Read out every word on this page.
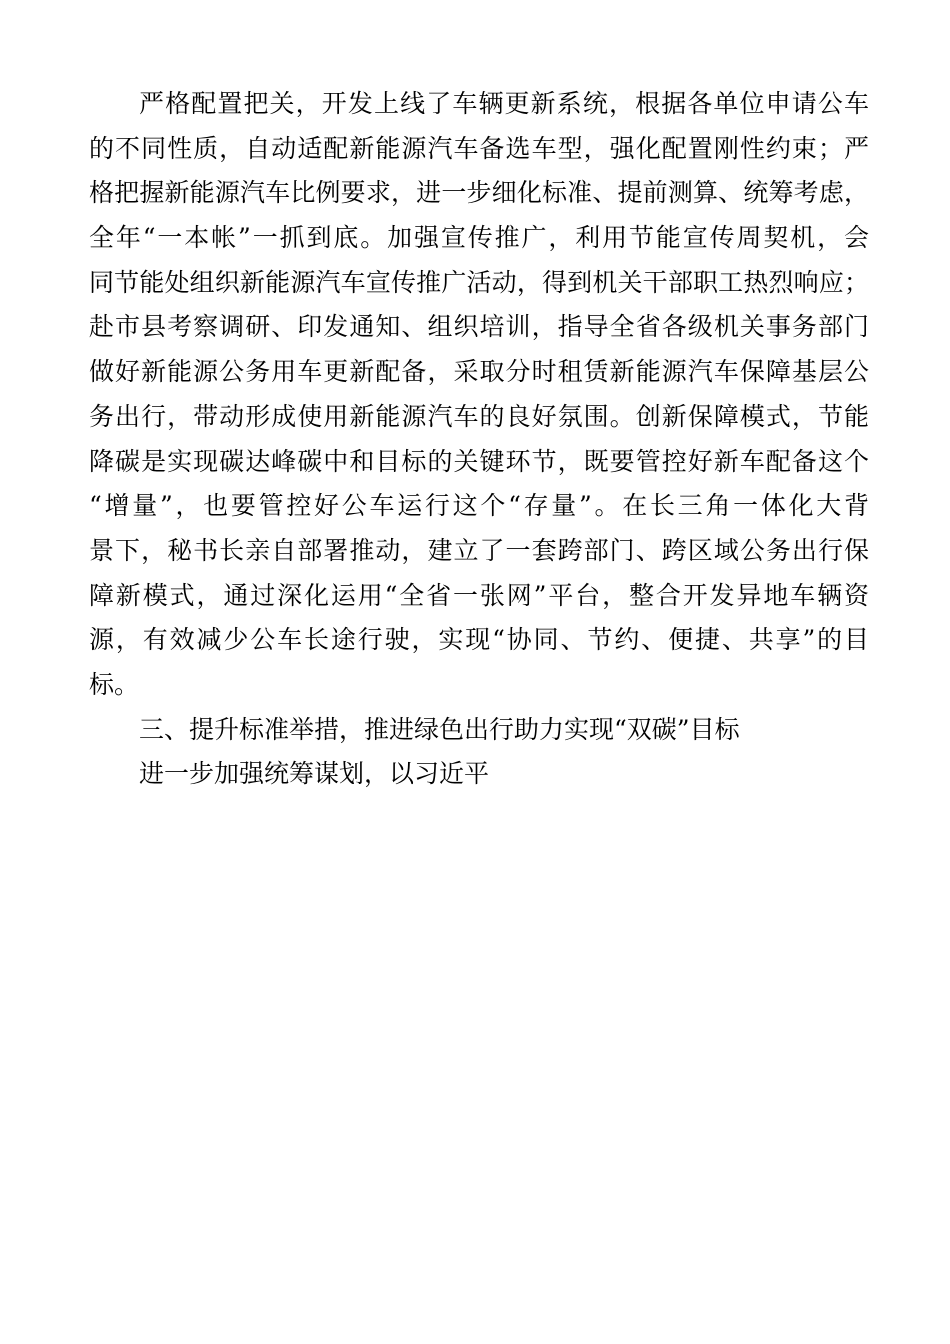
严格配置把关，开发上线了车辆更新系统，根据各单位申请公车
的不同性质，自动适配新能源汽车备选车型，强化配置刚性约束；严
格把握新能源汽车比例要求，进一步细化标准、提前测算、统筹考虑，
全年“一本帐”一抓到底。加强宣传推广，利用节能宣传周契机，会
同节能处组织新能源汽车宣传推广活动，得到机关干部职工热烈响应；
赴市县考察调研、印发通知、组织培训，指导全省各级机关事务部门
做好新能源公务用车更新配备，采取分时租赁新能源汽车保障基层公
务出行，带动形成使用新能源汽车的良好氛围。创新保障模式，节能
降碳是实现碳达峰碳中和目标的关键环节，既要管控好新车配备这个
“增量”，也要管控好公车运行这个“存量”。在长三角一体化大背
景下，秘书长亲自部署推动，建立了一套跨部门、跨区域公务出行保
障新模式，通过深化运用“全省一张网”平台，整合开发异地车辆资
源，有效减少公车长途行驶，实现“协同、节约、便捷、共享”的目
标。
三、提升标准举措，推进绿色出行助力实现“双碳”目标
进一步加强统筹谋划，以习近平
